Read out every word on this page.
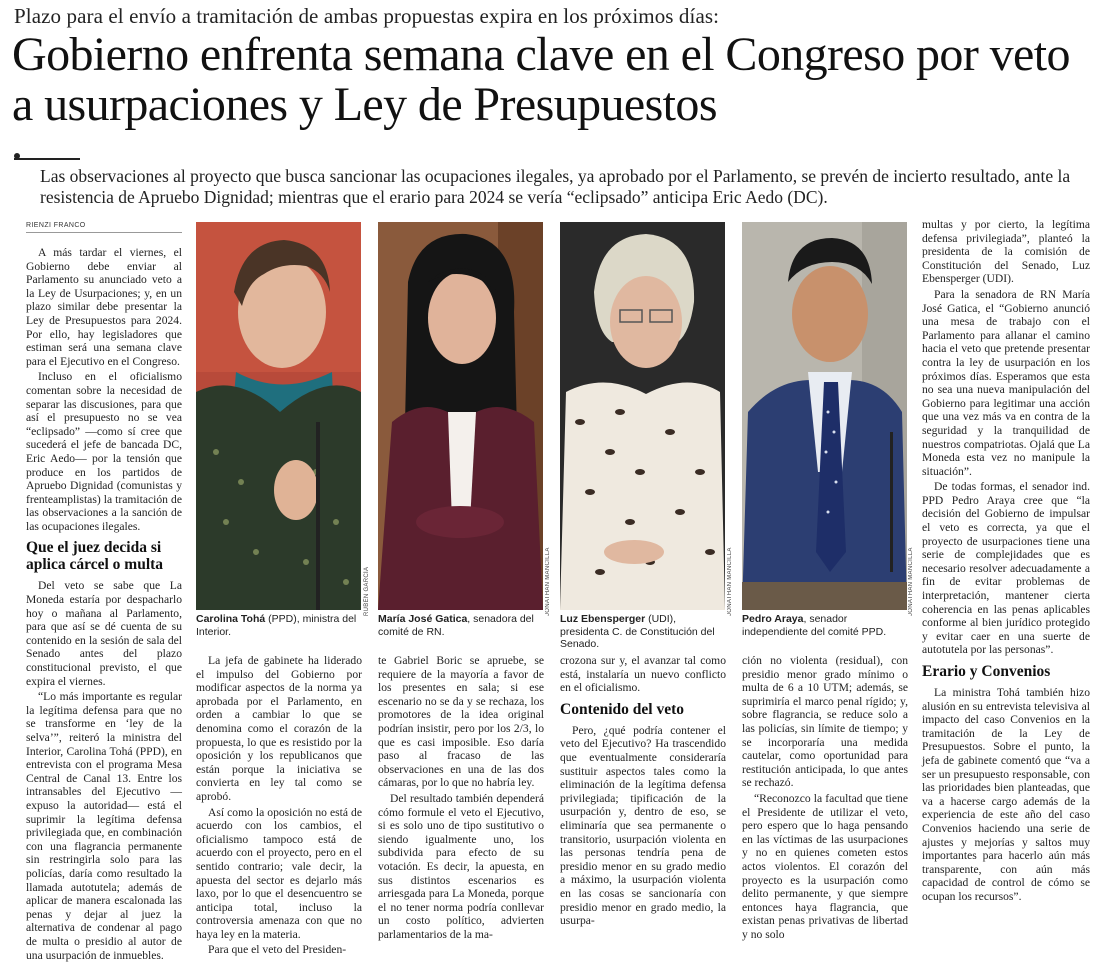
Plazo para el envío a tramitación de ambas propuestas expira en los próximos días:
Gobierno enfrenta semana clave en el Congreso por veto a usurpaciones y Ley de Presupuestos
Las observaciones al proyecto que busca sancionar las ocupaciones ilegales, ya aprobado por el Parlamento, se prevén de incierto resultado, ante la resistencia de Apruebo Dignidad; mientras que el erario para 2024 se vería “eclipsado” anticipa Eric Aedo (DC).
RIENZI FRANCO

A más tardar el viernes, el Gobierno debe enviar al Parlamento su anunciado veto a la Ley de Usurpaciones; y, en un plazo similar debe presentar la Ley de Presupuestos para 2024. Por ello, hay legisladores que estiman será una semana clave para el Ejecutivo en el Congreso.

Incluso en el oficialismo comentan sobre la necesidad de separar las discusiones, para que así el presupuesto no se vea “eclipsado” —como sí cree que sucederá el jefe de bancada DC, Eric Aedo— por la tensión que produce en los partidos de Apruebo Dignidad (comunistas y frenteamplistas) la tramitación de las observaciones a la sanción de las ocupaciones ilegales.

Que el juez decida si aplica cárcel o multa

Del veto se sabe que La Moneda estaría por despacharlo hoy o mañana al Parlamento, para que así se dé cuenta de su contenido en la sesión de sala del Senado antes del plazo constitucional previsto, el que expira el viernes.

“Lo más importante es regular la legítima defensa para que no se transforme en ‘ley de la selva’”, reiteró la ministra del Interior, Carolina Tohá (PPD), en entrevista con el programa Mesa Central de Canal 13. Entre los intransables del Ejecutivo —expuso la autoridad— está el suprimir la legítima defensa privilegiada que, en combinación con una flagrancia permanente sin restringirla solo para las policías, daría como resultado la llamada autotutela; además de aplicar de manera escalonada las penas y dejar al juez la alternativa de condenar al pago de multa o presidio al autor de una usurpación de inmuebles.

RUBÉN GARCÍA	JONATHAN MANCILLA	JONATHAN MANCILLA	JONATHAN MANCILLA
Carolina Tohá (PPD), ministra del Interior.
María José Gatica, senadora del comité de RN.
Luz Ebensperger (UDI), presidenta C. de Constitución del Senado.
Pedro Araya, senador independiente del comité PPD.

La jefa de gabinete ha liderado el impulso del Gobierno por modificar aspectos de la norma ya aprobada por el Parlamento, en orden a cambiar lo que se denomina como el corazón de la propuesta, lo que es resistido por la oposición y los republicanos que están porque la iniciativa se convierta en ley tal como se aprobó.

Así como la oposición no está de acuerdo con los cambios, el oficialismo tampoco está de acuerdo con el proyecto, pero en el sentido contrario; vale decir, la apuesta del sector es dejarlo más laxo, por lo que el desencuentro se anticipa total, incluso la controversia amenaza con que no haya ley en la materia.

Para que el veto del Presiden-

te Gabriel Boric se apruebe, se requiere de la mayoría a favor de los presentes en sala; si ese escenario no se da y se rechaza, los promotores de la idea original podrían insistir, pero por los 2/3, lo que es casi imposible. Eso daría paso al fracaso de las observaciones en una de las dos cámaras, por lo que no habría ley.

Del resultado también dependerá cómo formule el veto el Ejecutivo, si es solo uno de tipo sustitutivo o siendo igualmente uno, los subdivida para efecto de su votación. Es decir, la apuesta, en sus distintos escenarios es arriesgada para La Moneda, porque el no tener norma podría conllevar un costo político, advierten parlamentarios de la ma-

crozona sur y, el avanzar tal como está, instalaría un nuevo conflicto en el oficialismo.

Contenido del veto

Pero, ¿qué podría contener el veto del Ejecutivo? Ha trascendido que eventualmente consideraría sustituir aspectos tales como la eliminación de la legítima defensa privilegiada; tipificación de la usurpación y, dentro de eso, se eliminaría que sea permanente o transitorio, usurpación violenta en las personas tendría pena de presidio menor en su grado medio a máximo, la usurpación violenta en las cosas se sancionaría con presidio menor en grado medio, la usurpa-

ción no violenta (residual), con presidio menor grado mínimo o multa de 6 a 10 UTM; además, se suprimiría el marco penal rígido; y, sobre flagrancia, se reduce solo a las policías, sin límite de tiempo; y se incorporaría una medida cautelar, como oportunidad para restitución anticipada, lo que antes se rechazó.

“Reconozco la facultad que tiene el Presidente de utilizar el veto, pero espero que lo haga pensando en las víctimas de las usurpaciones y no en quienes cometen estos actos violentos. El corazón del proyecto es la usurpación como delito permanente, y que siempre entonces haya flagrancia, que existan penas privativas de libertad y no solo

multas y por cierto, la legítima defensa privilegiada”, planteó la presidenta de la comisión de Constitución del Senado, Luz Ebensperger (UDI).

Para la senadora de RN María José Gatica, el “Gobierno anunció una mesa de trabajo con el Parlamento para allanar el camino hacia el veto que pretende presentar contra la ley de usurpación en los próximos días. Esperamos que esta no sea una nueva manipulación del Gobierno para legitimar una acción que una vez más va en contra de la seguridad y la tranquilidad de nuestros compatriotas. Ojalá que La Moneda esta vez no manipule la situación”.

De todas formas, el senador ind. PPD Pedro Araya cree que “la decisión del Gobierno de impulsar el veto es correcta, ya que el proyecto de usurpaciones tiene una serie de complejidades que es necesario resolver adecuadamente a fin de evitar problemas de interpretación, mantener cierta coherencia en las penas aplicables conforme al bien jurídico protegido y evitar caer en una suerte de autotutela por las personas”.

Erario y Convenios

La ministra Tohá también hizo alusión en su entrevista televisiva al impacto del caso Convenios en la tramitación de la Ley de Presupuestos. Sobre el punto, la jefa de gabinete comentó que “va a ser un presupuesto responsable, con las prioridades bien planteadas, que va a hacerse cargo además de la experiencia de este año del caso Convenios haciendo una serie de ajustes y mejorías y saltos muy importantes para hacerlo aún más transparente, con aún más capacidad de control de cómo se ocupan los recursos”.
